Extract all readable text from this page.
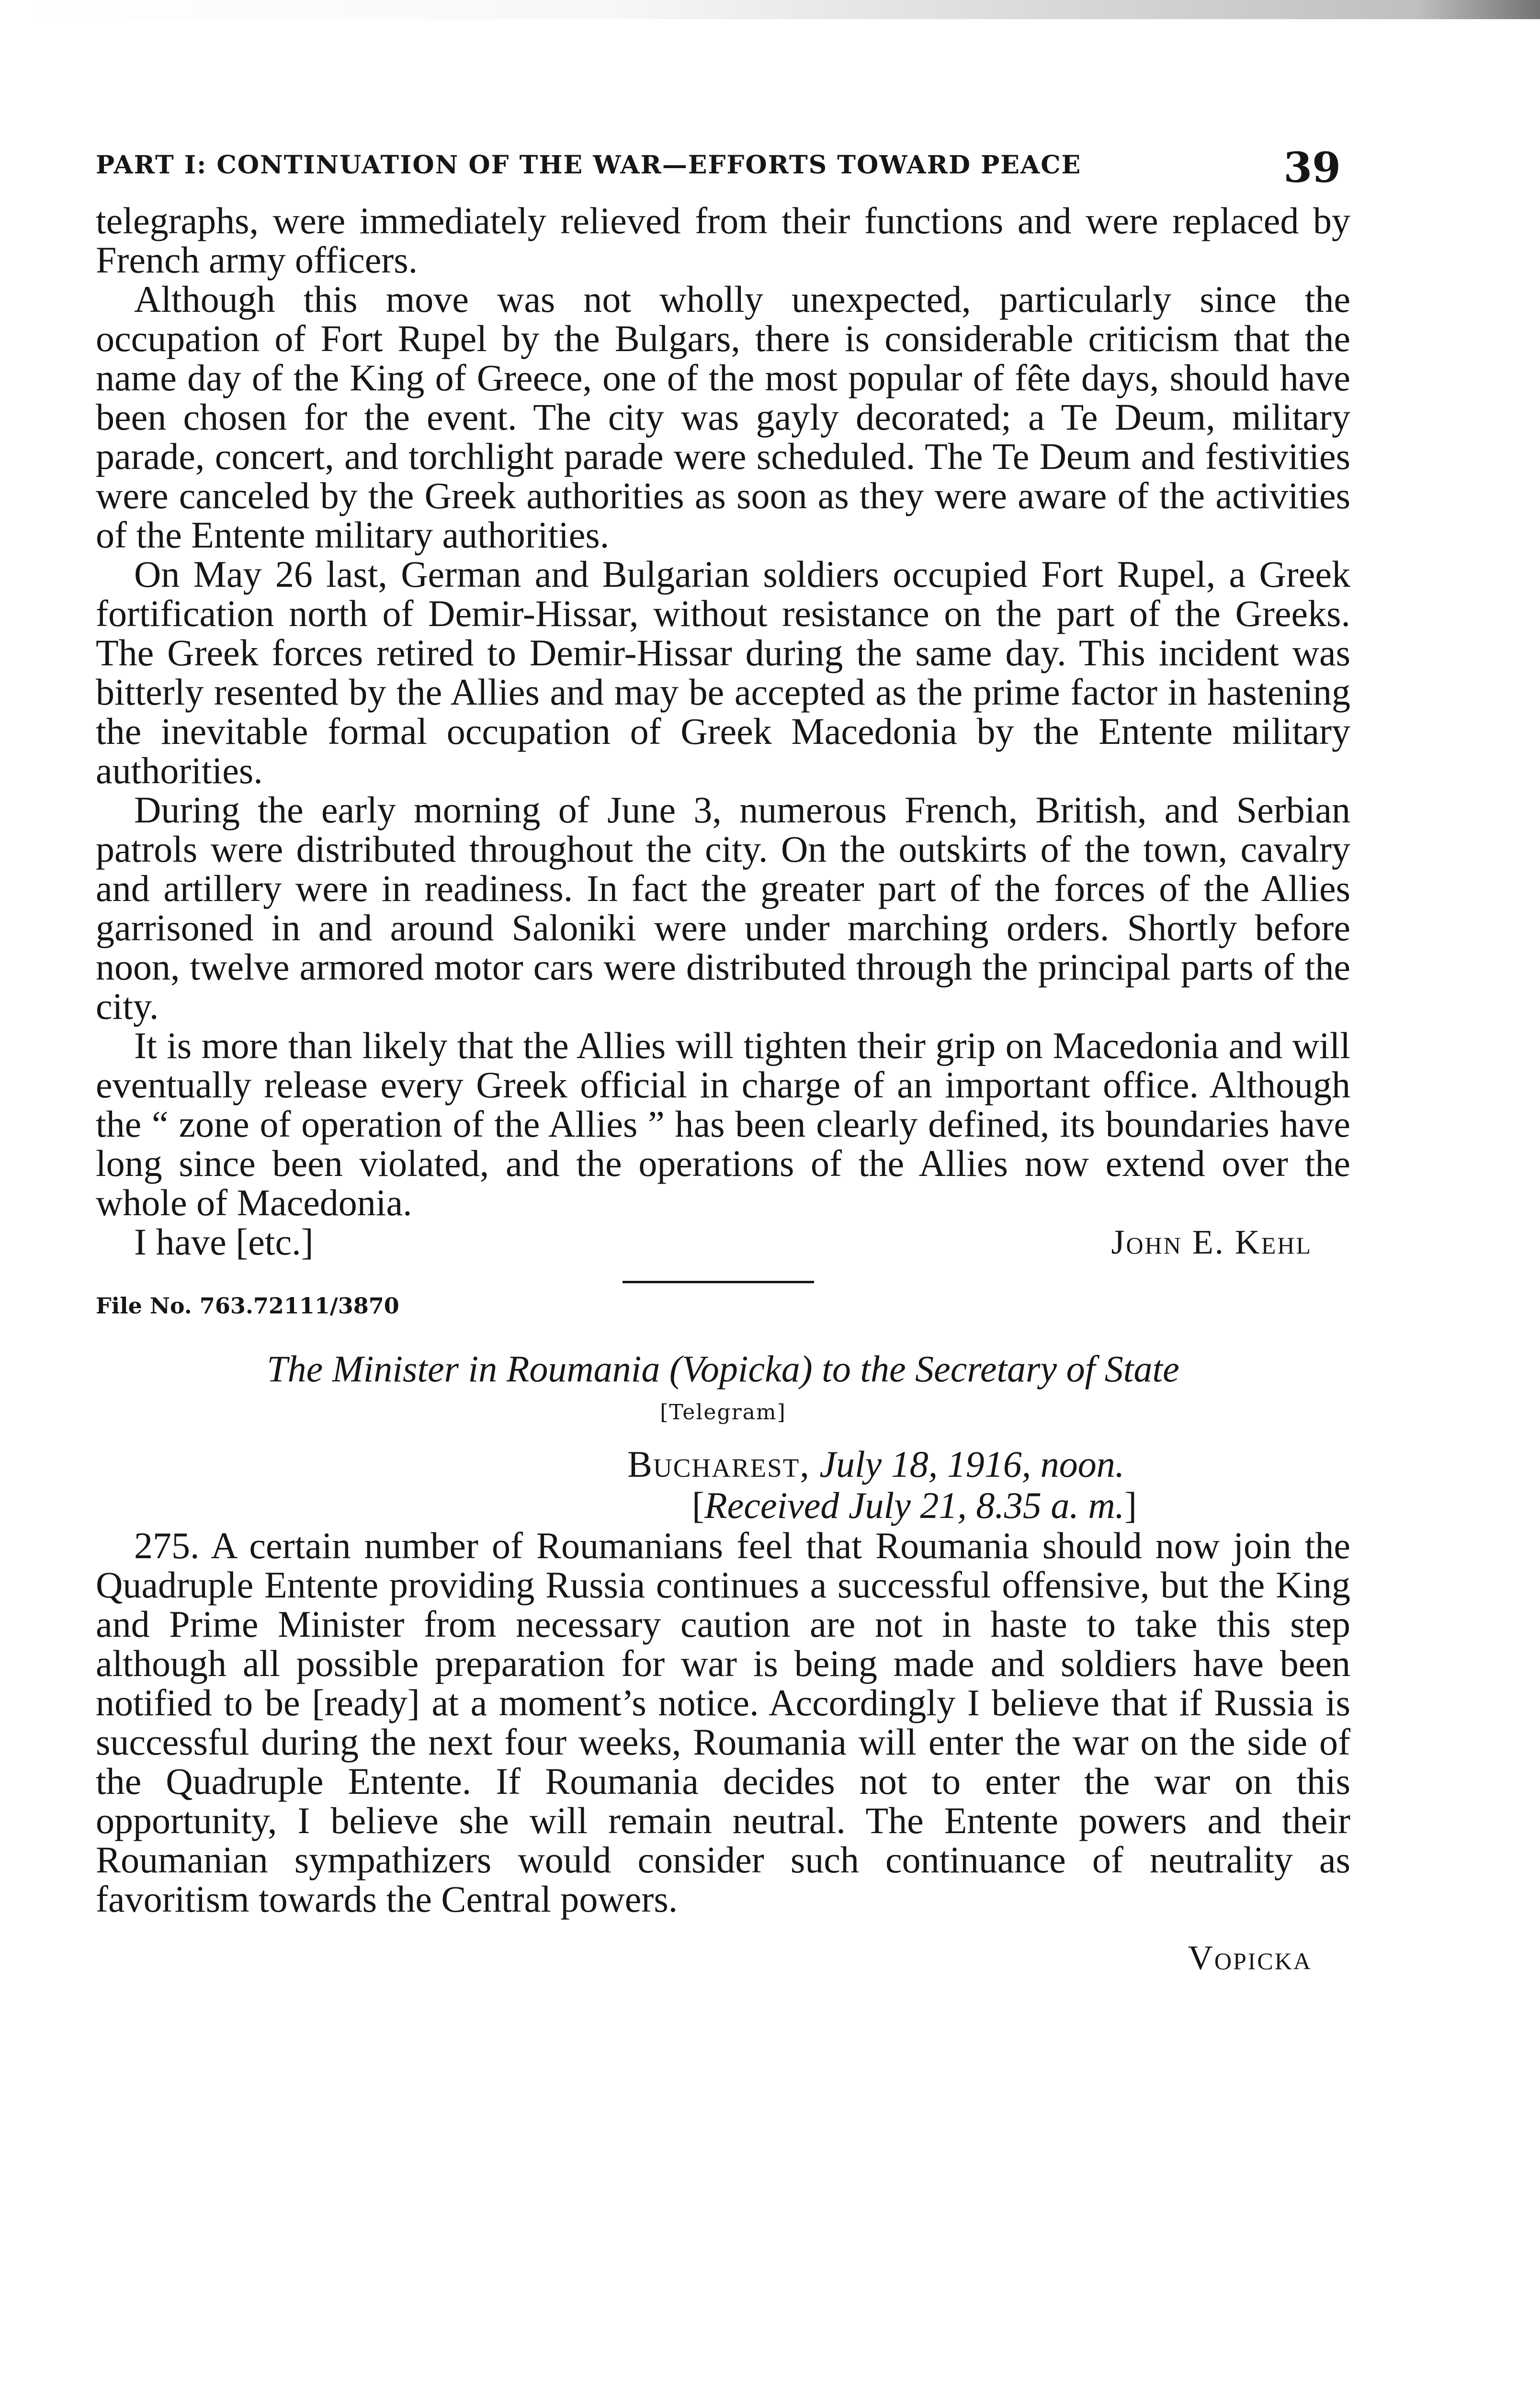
PART I: CONTINUATION OF THE WAR—EFFORTS TOWARD PEACE	39

telegraphs, were immediately relieved from their functions and were replaced by French army officers.

Although this move was not wholly unexpected, particularly since the occupation of Fort Rupel by the Bulgars, there is considerable criticism that the name day of the King of Greece, one of the most popular of fête days, should have been chosen for the event. The city was gayly decorated; a Te Deum, military parade, concert, and torchlight parade were scheduled. The Te Deum and festivities were canceled by the Greek authorities as soon as they were aware of the activities of the Entente military authorities.

On May 26 last, German and Bulgarian soldiers occupied Fort Rupel, a Greek fortification north of Demir-Hissar, without resistance on the part of the Greeks. The Greek forces retired to Demir-Hissar during the same day. This incident was bitterly resented by the Allies and may be accepted as the prime factor in hastening the inevitable formal occupation of Greek Macedonia by the Entente military authorities.

During the early morning of June 3, numerous French, British, and Serbian patrols were distributed throughout the city. On the outskirts of the town, cavalry and artillery were in readiness. In fact the greater part of the forces of the Allies garrisoned in and around Saloniki were under marching orders. Shortly before noon, twelve armored motor cars were distributed through the principal parts of the city.

It is more than likely that the Allies will tighten their grip on Macedonia and will eventually release every Greek official in charge of an important office. Although the “ zone of operation of the Allies ” has been clearly defined, its boundaries have long since been violated, and the operations of the Allies now extend over the whole of Macedonia.

I have [etc.]	John E. Kehl
File No. 763.72111/3870
The Minister in Roumania (Vopicka) to the Secretary of State
[Telegram]
Bucharest, July 18, 1916, noon.
[Received July 21, 8.35 a. m.]

275. A certain number of Roumanians feel that Roumania should now join the Quadruple Entente providing Russia continues a successful offensive, but the King and Prime Minister from necessary caution are not in haste to take this step although all possible preparation for war is being made and soldiers have been notified to be [ready] at a moment’s notice. Accordingly I believe that if Russia is successful during the next four weeks, Roumania will enter the war on the side of the Quadruple Entente. If Roumania decides not to enter the war on this opportunity, I believe she will remain neutral. The Entente powers and their Roumanian sympathizers would consider such continuance of neutrality as favoritism towards the Central powers.

Vopicka
